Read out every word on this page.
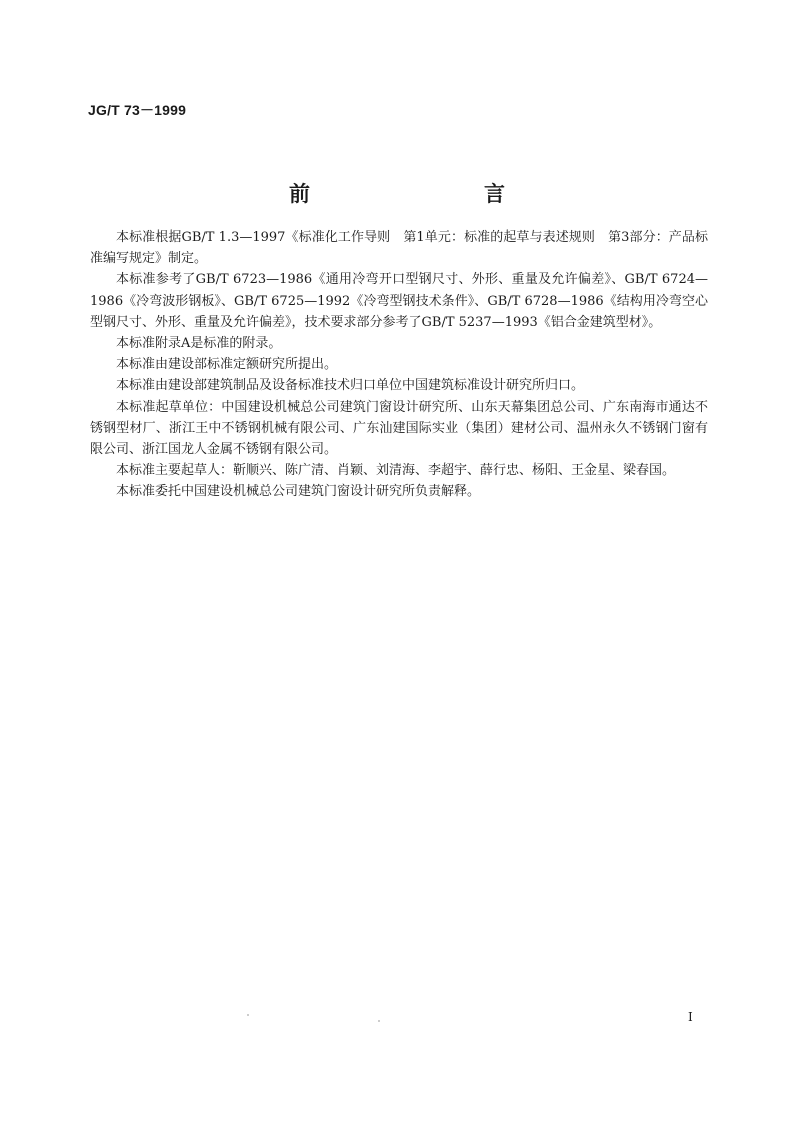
JG/T 73－1999
前　　言

本标准根据GB/T 1.3—1997《标准化工作导则　第1单元：标准的起草与表述规则　第3部分：产品标准编写规定》制定。

本标准参考了GB/T 6723—1986《通用冷弯开口型钢尺寸、外形、重量及允许偏差》、GB/T 6724—1986《冷弯波形钢板》、GB/T 6725—1992《冷弯型钢技术条件》、GB/T 6728—1986《结构用冷弯空心型钢尺寸、外形、重量及允许偏差》，技术要求部分参考了GB/T 5237—1993《铝合金建筑型材》。

本标准附录A是标准的附录。

本标准由建设部标准定额研究所提出。

本标准由建设部建筑制品及设备标准技术归口单位中国建筑标准设计研究所归口。

本标准起草单位：中国建设机械总公司建筑门窗设计研究所、山东天幕集团总公司、广东南海市通达不锈钢型材厂、浙江王中不锈钢机械有限公司、广东汕建国际实业（集团）建材公司、温州永久不锈钢门窗有限公司、浙江国龙人金属不锈钢有限公司。

本标准主要起草人：靳顺兴、陈广清、肖颖、刘清海、李超宇、薛行忠、杨阳、王金星、梁春国。

本标准委托中国建设机械总公司建筑门窗设计研究所负责解释。

I
